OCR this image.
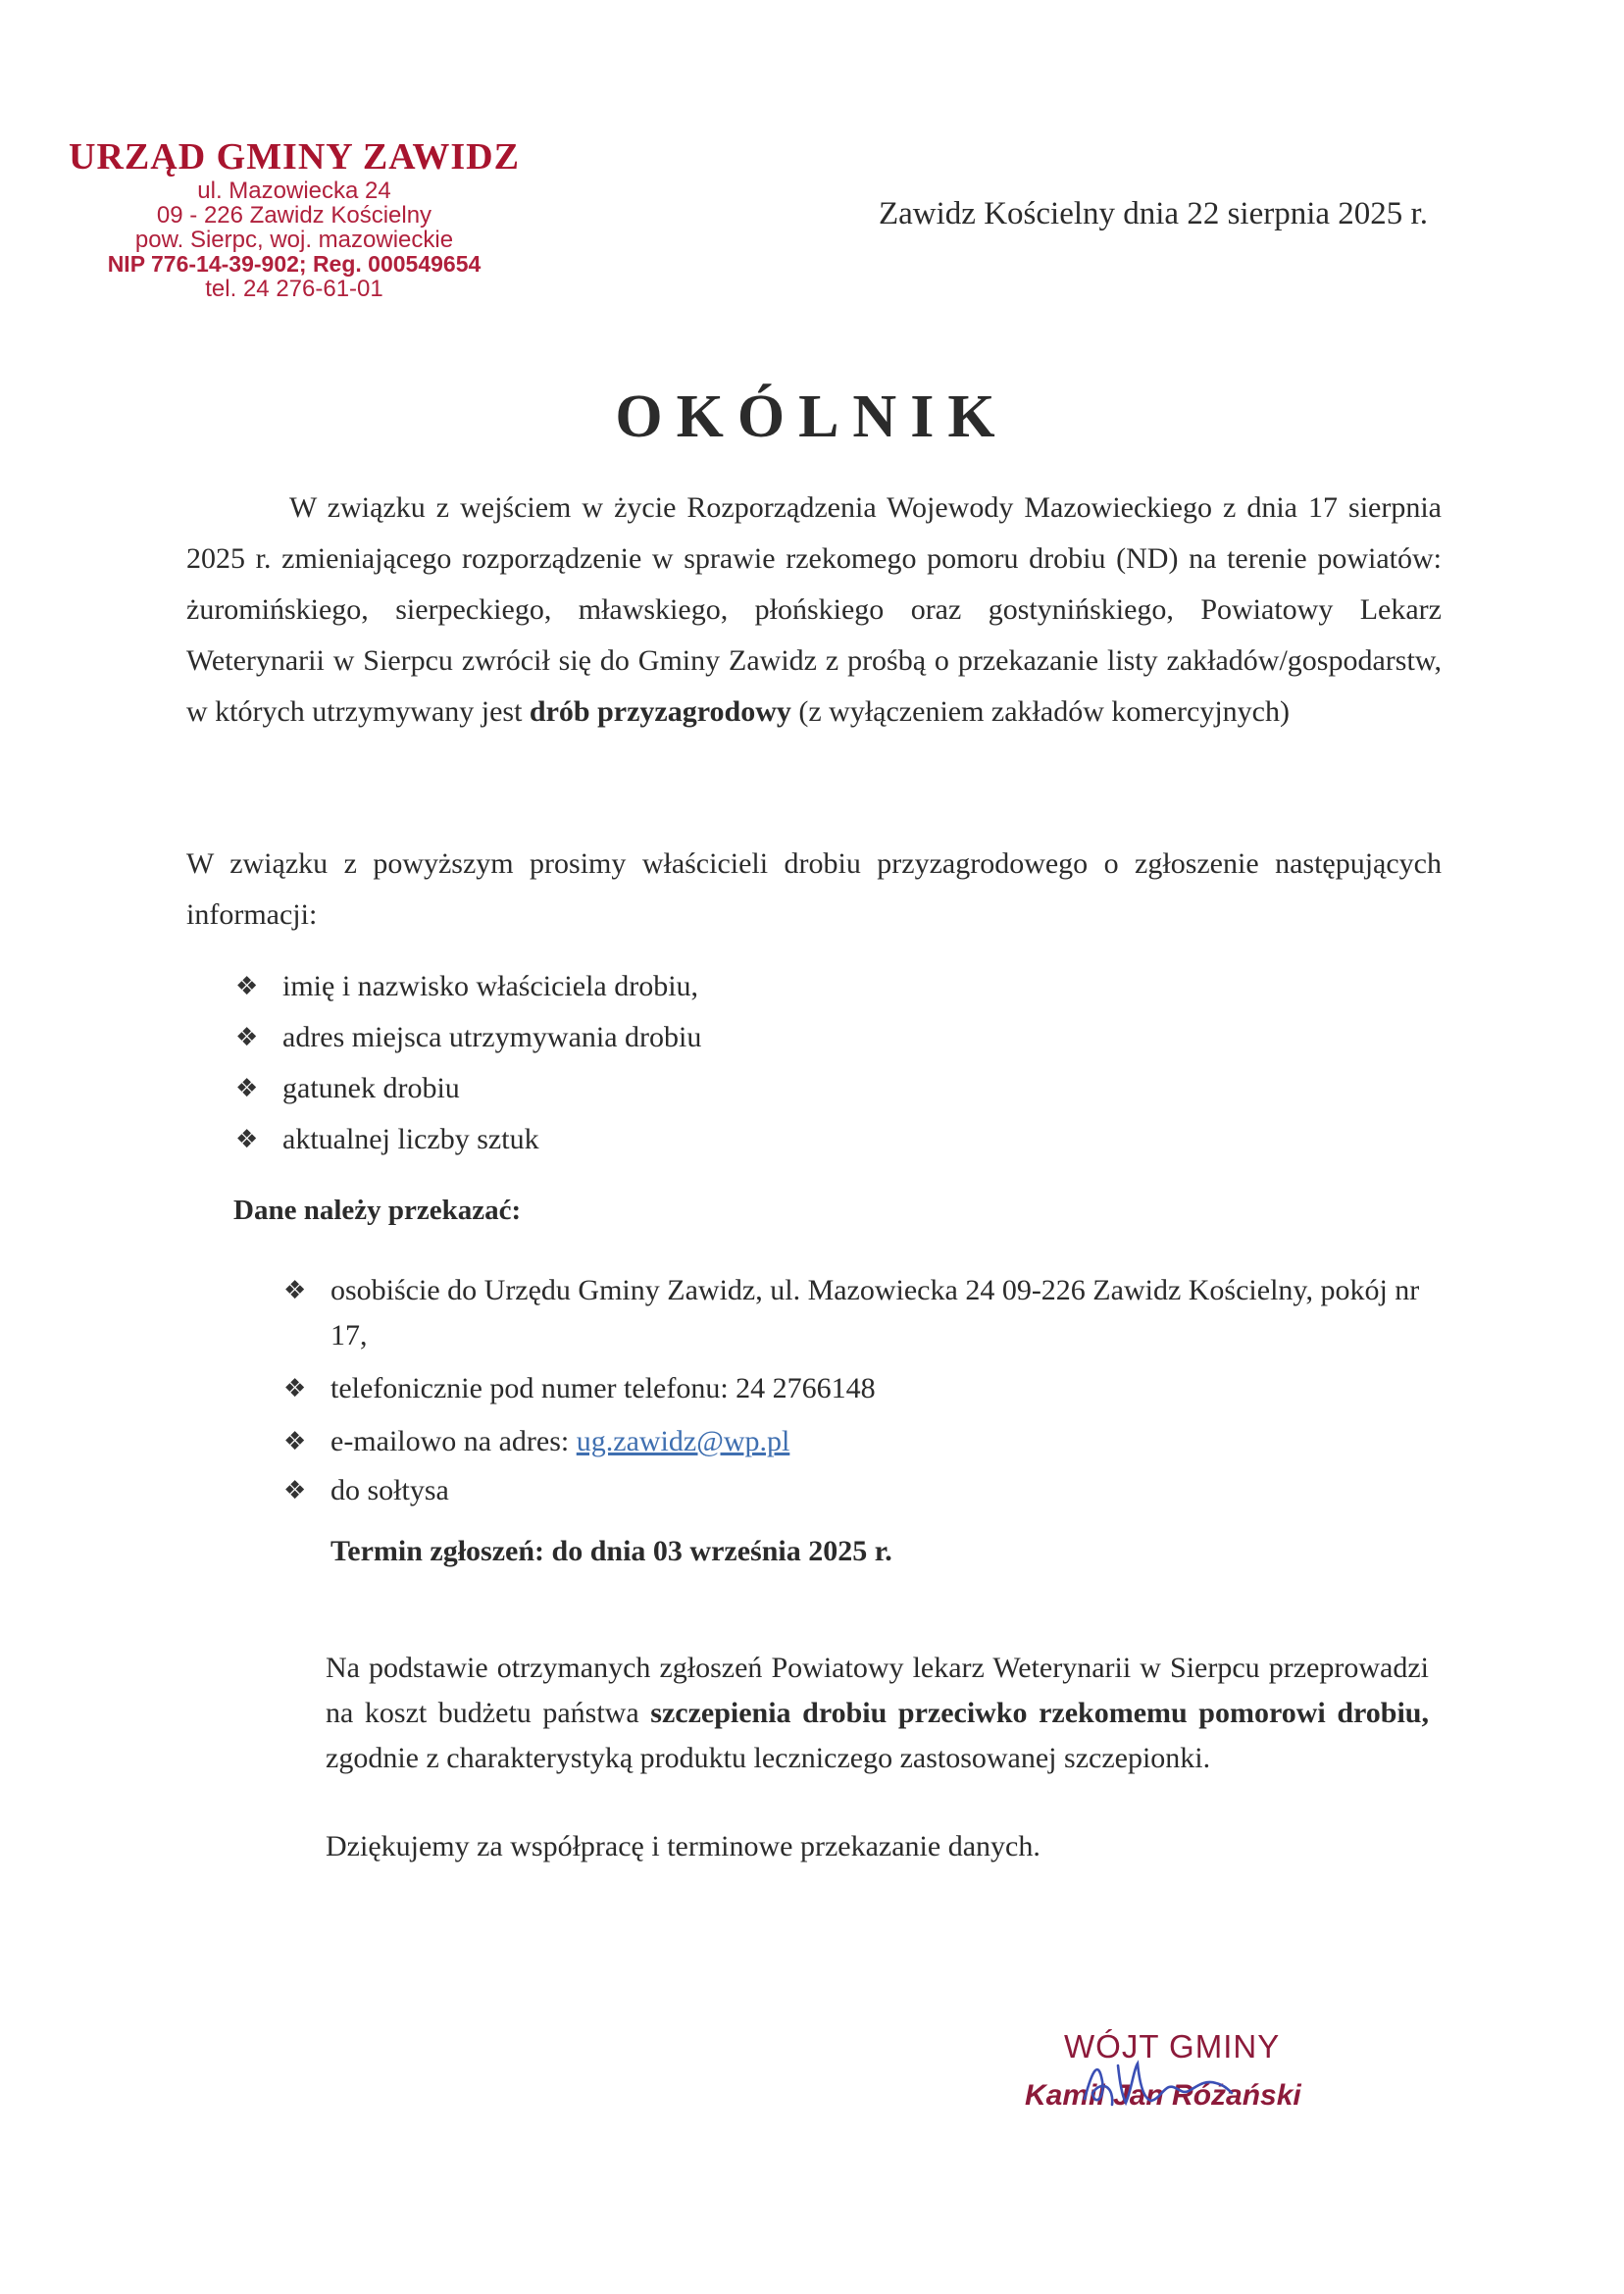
URZĄD GMINY ZAWIDZ
ul. Mazowiecka 24
09 - 226 Zawidz Kościelny
pow. Sierpc, woj. mazowieckie
NIP 776-14-39-902; Reg. 000549654
tel. 24 276-61-01
Zawidz Kościelny dnia 22 sierpnia 2025 r.
OKÓLNIK

W związku z wejściem w życie Rozporządzenia Wojewody Mazowieckiego z dnia 17 sierpnia 2025 r. zmieniającego rozporządzenie w sprawie rzekomego pomoru drobiu (ND) na terenie powiatów: żuromińskiego, sierpeckiego, mławskiego, płońskiego oraz gostynińskiego, Powiatowy Lekarz Weterynarii w Sierpcu zwrócił się do Gminy Zawidz z prośbą o przekazanie listy zakładów/gospodarstw, w których utrzymywany jest drób przyzagrodowy (z wyłączeniem zakładów komercyjnych)

W związku z powyższym prosimy właścicieli drobiu przyzagrodowego o zgłoszenie następujących informacji:

❖ imię i nazwisko właściciela drobiu,
❖ adres miejsca utrzymywania drobiu
❖ gatunek drobiu
❖ aktualnej liczby sztuk
Dane należy przekazać:
❖ osobiście do Urzędu Gminy Zawidz, ul. Mazowiecka 24 09-226 Zawidz Kościelny, pokój nr 17,
❖ telefonicznie pod numer telefonu: 24 2766148
❖ e-mailowo na adres: ug.zawidz@wp.pl
❖ do sołtysa
Termin zgłoszeń: do dnia 03 września 2025 r.

Na podstawie otrzymanych zgłoszeń Powiatowy lekarz Weterynarii w Sierpcu przeprowadzi na koszt budżetu państwa szczepienia drobiu przeciwko rzekomemu pomorowi drobiu, zgodnie z charakterystyką produktu leczniczego zastosowanej szczepionki.

Dziękujemy za współpracę i terminowe przekazanie danych.

WÓJT GMINY
Kamil Jan Różański
